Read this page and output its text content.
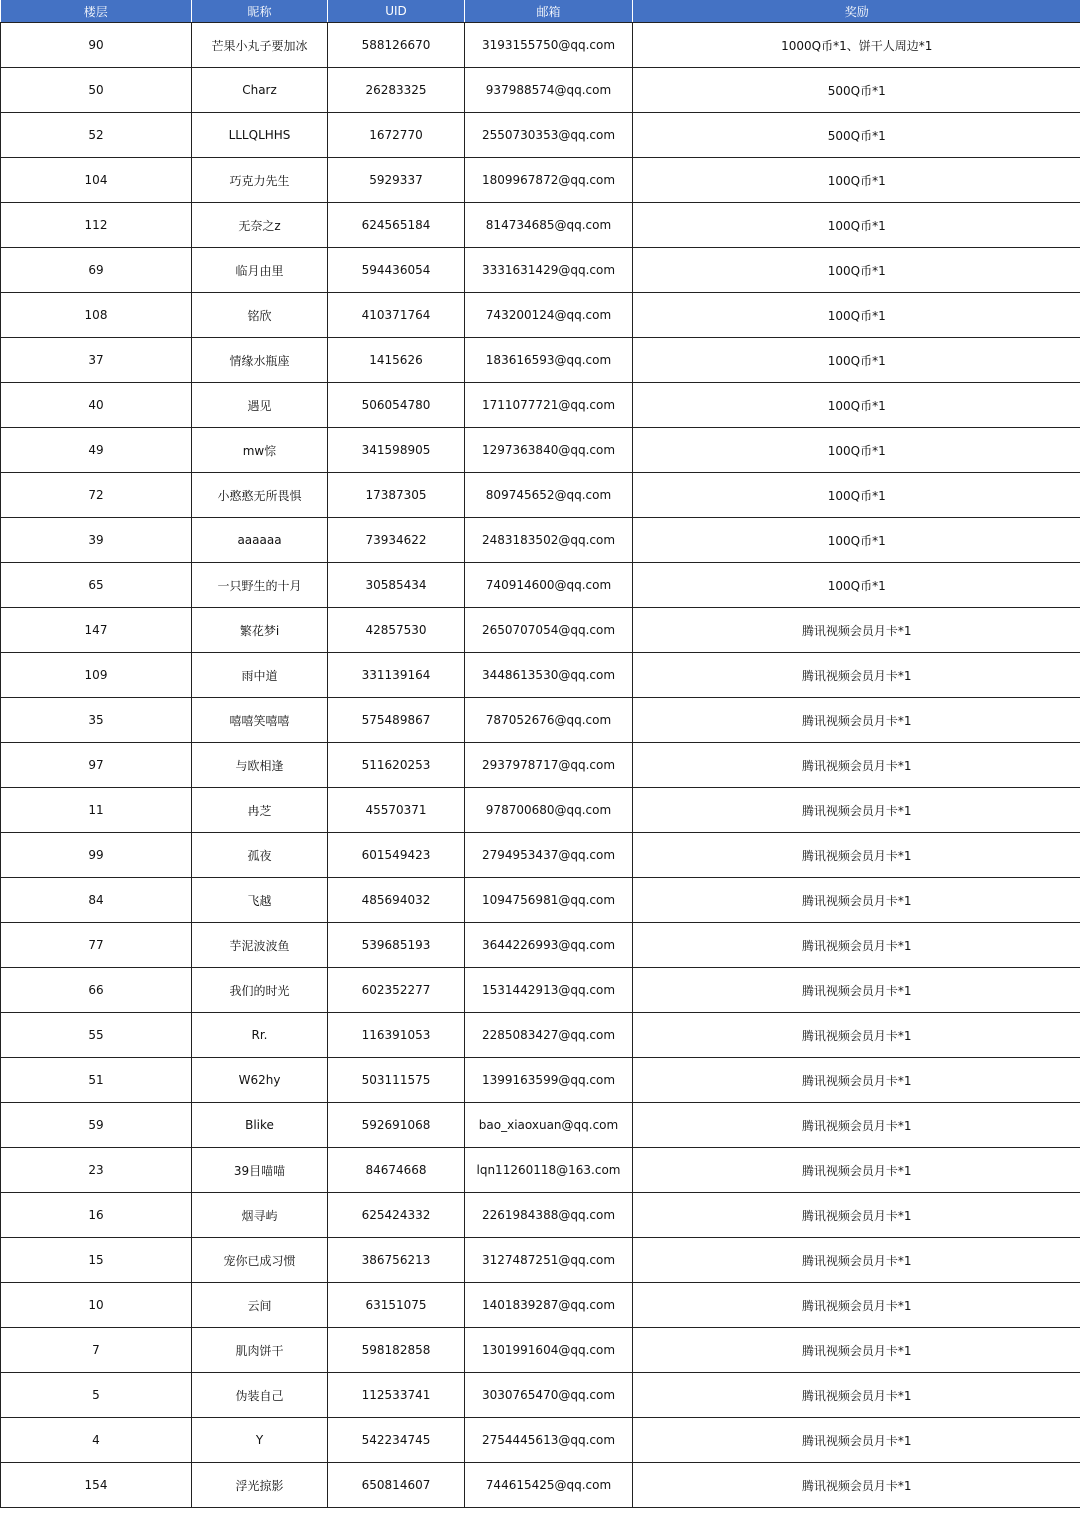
楼层	昵称	UID	邮箱	奖励
90	芒果小丸子要加冰	588126670	3193155750@qq.com	1000Q币*1、饼干人周边*1
50	Charz	26283325	937988574@qq.com	500Q币*1
52	LLLQLHHS	1672770	2550730353@qq.com	500Q币*1
104	巧克力先生	5929337	1809967872@qq.com	100Q币*1
112	无奈之z	624565184	814734685@qq.com	100Q币*1
69	临月由里	594436054	3331631429@qq.com	100Q币*1
108	铭欣	410371764	743200124@qq.com	100Q币*1
37	情缘水瓶座	1415626	183616593@qq.com	100Q币*1
40	遇见	506054780	1711077721@qq.com	100Q币*1
49	mw悰	341598905	1297363840@qq.com	100Q币*1
72	小憨憨无所畏惧	17387305	809745652@qq.com	100Q币*1
39	aaaaaa	73934622	2483183502@qq.com	100Q币*1
65	一只野生的十月	30585434	740914600@qq.com	100Q币*1
147	繁花梦i	42857530	2650707054@qq.com	腾讯视频会员月卡*1
109	雨中道	331139164	3448613530@qq.com	腾讯视频会员月卡*1
35	嘻嘻笑嘻嘻	575489867	787052676@qq.com	腾讯视频会员月卡*1
97	与欧相逢	511620253	2937978717@qq.com	腾讯视频会员月卡*1
11	冉芝	45570371	978700680@qq.com	腾讯视频会员月卡*1
99	孤夜	601549423	2794953437@qq.com	腾讯视频会员月卡*1
84	飞越	485694032	1094756981@qq.com	腾讯视频会员月卡*1
77	芋泥波波鱼	539685193	3644226993@qq.com	腾讯视频会员月卡*1
66	我们的时光	602352277	1531442913@qq.com	腾讯视频会员月卡*1
55	Rr.	116391053	2285083427@qq.com	腾讯视频会员月卡*1
51	W62hy	503111575	1399163599@qq.com	腾讯视频会员月卡*1
59	Blike	592691068	bao_xiaoxuan@qq.com	腾讯视频会员月卡*1
23	39目喵喵	84674668	lqn11260118@163.com	腾讯视频会员月卡*1
16	烟寻屿	625424332	2261984388@qq.com	腾讯视频会员月卡*1
15	宠你已成习惯	386756213	3127487251@qq.com	腾讯视频会员月卡*1
10	云间	63151075	1401839287@qq.com	腾讯视频会员月卡*1
7	肌肉饼干	598182858	1301991604@qq.com	腾讯视频会员月卡*1
5	伪装自己	112533741	3030765470@qq.com	腾讯视频会员月卡*1
4	Y	542234745	2754445613@qq.com	腾讯视频会员月卡*1
154	浮光掠影	650814607	744615425@qq.com	腾讯视频会员月卡*1
